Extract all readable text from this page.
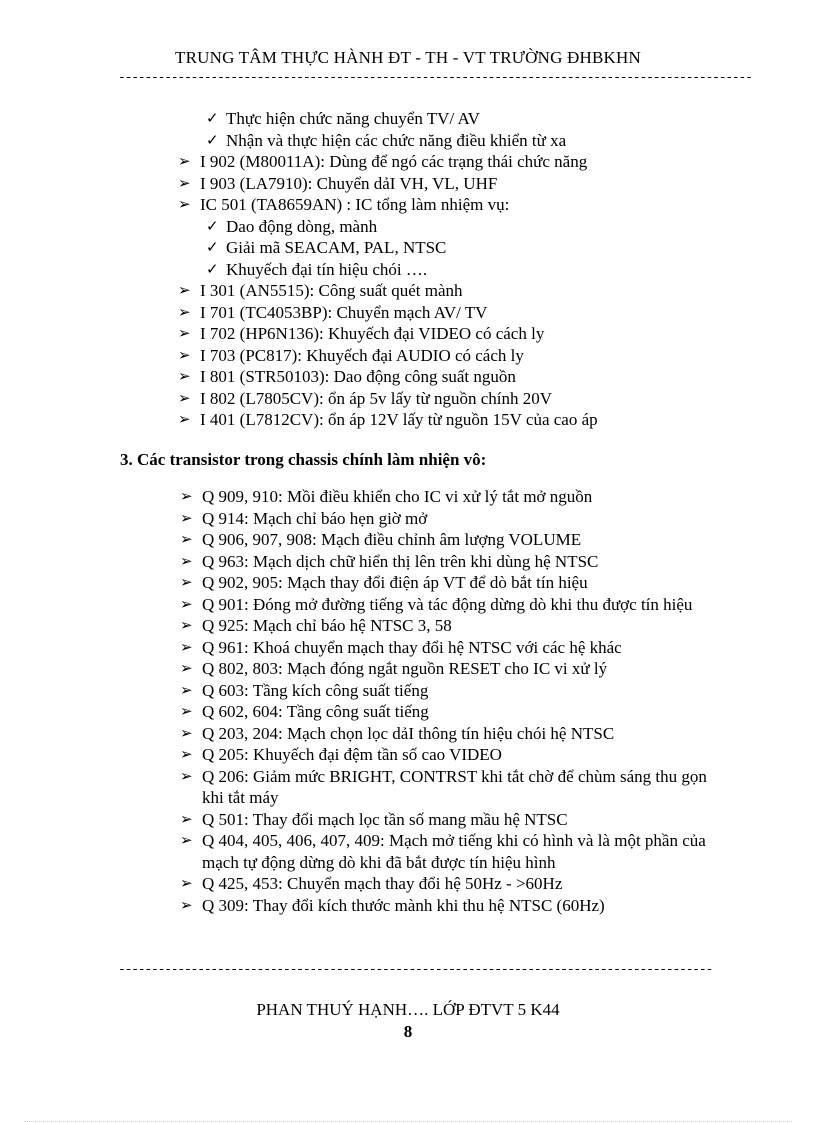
TRUNG TÂM THỰC HÀNH ĐT - TH - VT TRƯỜNG ĐHBKHN
------------------------------------------------------------------------------------------------
✓ Thực hiện chức năng chuyển TV/ AV
✓ Nhận và thực hiện các chức năng điều khiển từ xa
➢ I 902 (M80011A): Dùng để ngó các trạng thái chức năng
➢ I 903 (LA7910): Chuyển dảI VH, VL, UHF
➢ IC 501 (TA8659AN) : IC tổng làm nhiệm vụ:
✓ Dao động dòng, mành
✓ Giải mã SEACAM, PAL, NTSC
✓ Khuyếch đại tín hiệu chói ….
➢ I 301 (AN5515): Công suất quét mành
➢ I 701 (TC4053BP): Chuyển mạch AV/ TV
➢ I 702 (HP6N136): Khuyếch đại VIDEO có cách ly
➢ I 703 (PC817): Khuyếch đại AUDIO có cách ly
➢ I 801 (STR50103): Dao động công suất nguồn
➢ I 802 (L7805CV): ổn áp 5v lấy từ nguồn chính 20V
➢ I 401 (L7812CV): ổn áp 12V lấy từ nguồn 15V của cao áp
3. Các transistor trong chassis chính làm nhiện vô:
➢ Q 909, 910: Mồi điều khiển cho IC vi xử lý tắt mở nguồn
➢ Q 914: Mạch chỉ báo hẹn giờ mở
➢ Q 906, 907, 908: Mạch điều chỉnh âm lượng VOLUME
➢ Q 963: Mạch dịch chữ hiển thị lên trên khi dùng hệ NTSC
➢ Q 902, 905: Mạch thay đổi điện áp VT để dò bắt tín hiệu
➢ Q 901: Đóng mở đường tiếng và tác động dừng dò khi thu được tín hiệu
➢ Q 925: Mạch chỉ báo hệ NTSC 3, 58
➢ Q 961: Khoá chuyển mạch thay đổi hệ NTSC với các hệ khác
➢ Q 802, 803: Mạch đóng ngắt nguồn RESET cho IC vi xử lý
➢ Q 603: Tầng kích công suất tiếng
➢ Q 602, 604: Tầng công suất tiếng
➢ Q 203, 204: Mạch chọn lọc dảI thông tín hiệu chói hệ NTSC
➢ Q 205: Khuyếch đại đệm tần số cao VIDEO
➢ Q 206: Giảm mức BRIGHT, CONTRST khi tắt chờ để chùm sáng thu gọn khi tắt máy
➢ Q 501: Thay đổi mạch lọc tần số mang mầu hệ NTSC
➢ Q 404, 405, 406, 407, 409: Mạch mở tiếng khi có hình và là một phần của mạch tự động dừng dò khi đã bắt được tín hiệu hình
➢ Q 425, 453: Chuyển mạch thay đổi hệ 50Hz - >60Hz
➢ Q 309: Thay đổi kích thước mành khi thu hệ NTSC (60Hz)
------------------------------------------------------------------------------------------
PHAN THUÝ HẠNH…. LỚP ĐTVT 5 K44
8
